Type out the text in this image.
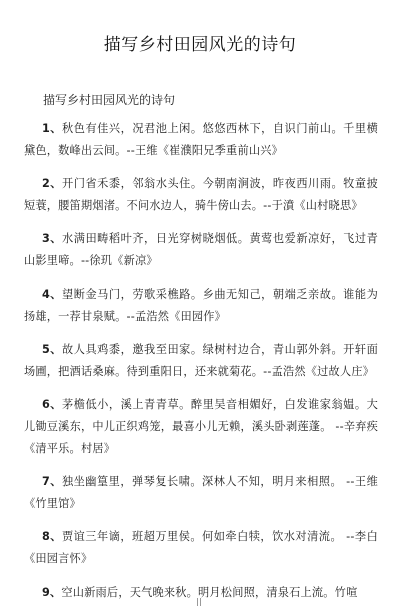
描写乡村田园风光的诗句
描写乡村田园风光的诗句

1、秋色有佳兴，况君池上闲。悠悠西林下，自识门前山。千里横黛色，数峰出云间。--王维《崔濮阳兄季重前山兴》

2、开门省禾黍，邻翁水头住。今朝南涧波，昨夜西川雨。牧童披短蓑，腰笛期烟渚。不问水边人，骑牛傍山去。--于濆《山村晓思》

3、水满田畴稻叶齐，日光穿树晓烟低。黄莺也爱新凉好，飞过青山影里啼。--徐玑《新凉》

4、望断金马门，劳歌采樵路。乡曲无知己，朝端乏亲故。谁能为扬雄，一荐甘泉赋。--孟浩然《田园作》

5、故人具鸡黍，邀我至田家。绿树村边合，青山郭外斜。开轩面场圃，把酒话桑麻。待到重阳日，还来就菊花。--孟浩然《过故人庄》

6、茅檐低小，溪上青青草。醉里吴音相媚好，白发谁家翁媪。大儿锄豆溪东，中儿正织鸡笼，最喜小儿无赖，溪头卧剥莲蓬。 --辛弃疾《清平乐。村居》

7、独坐幽篁里，弹琴复长啸。深林人不知，明月来相照。 --王维《竹里馆》

8、贾谊三年谪，班超万里侯。何如牵白犊，饮水对清流。 --李白《田园言怀》

9、空山新雨后，天气晚来秋。明月松间照，清泉石上流。竹喧
